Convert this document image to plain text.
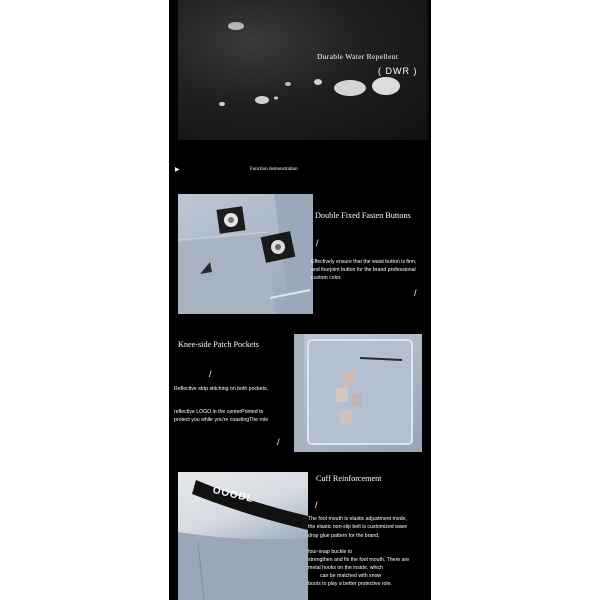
Durable Water Repellent
( DWR )
▶	Function demonstration
Double Fixed Fasten Buttons
/
Effectively ensure that the waist button is firm,
and fourjoint button for the brand professional
custom color.
/
Knee-side Patch Pockets
Reflective strip stitching on both pockets,
reflective LOGO in the centerPrinted to
protect you while you're coastingThe role
/
/
OOODL
Cuff Reinforcement
/
The foot mouth is elastic adjustment mode,
the elastic non-slip belt is customized wave
drop glue pattern for the brand,
four-snap buckle to
strengthen and fix the foot mouth. There are
metal hooks on the inside, which
can be matched with snow
boots to play a better protective role.
